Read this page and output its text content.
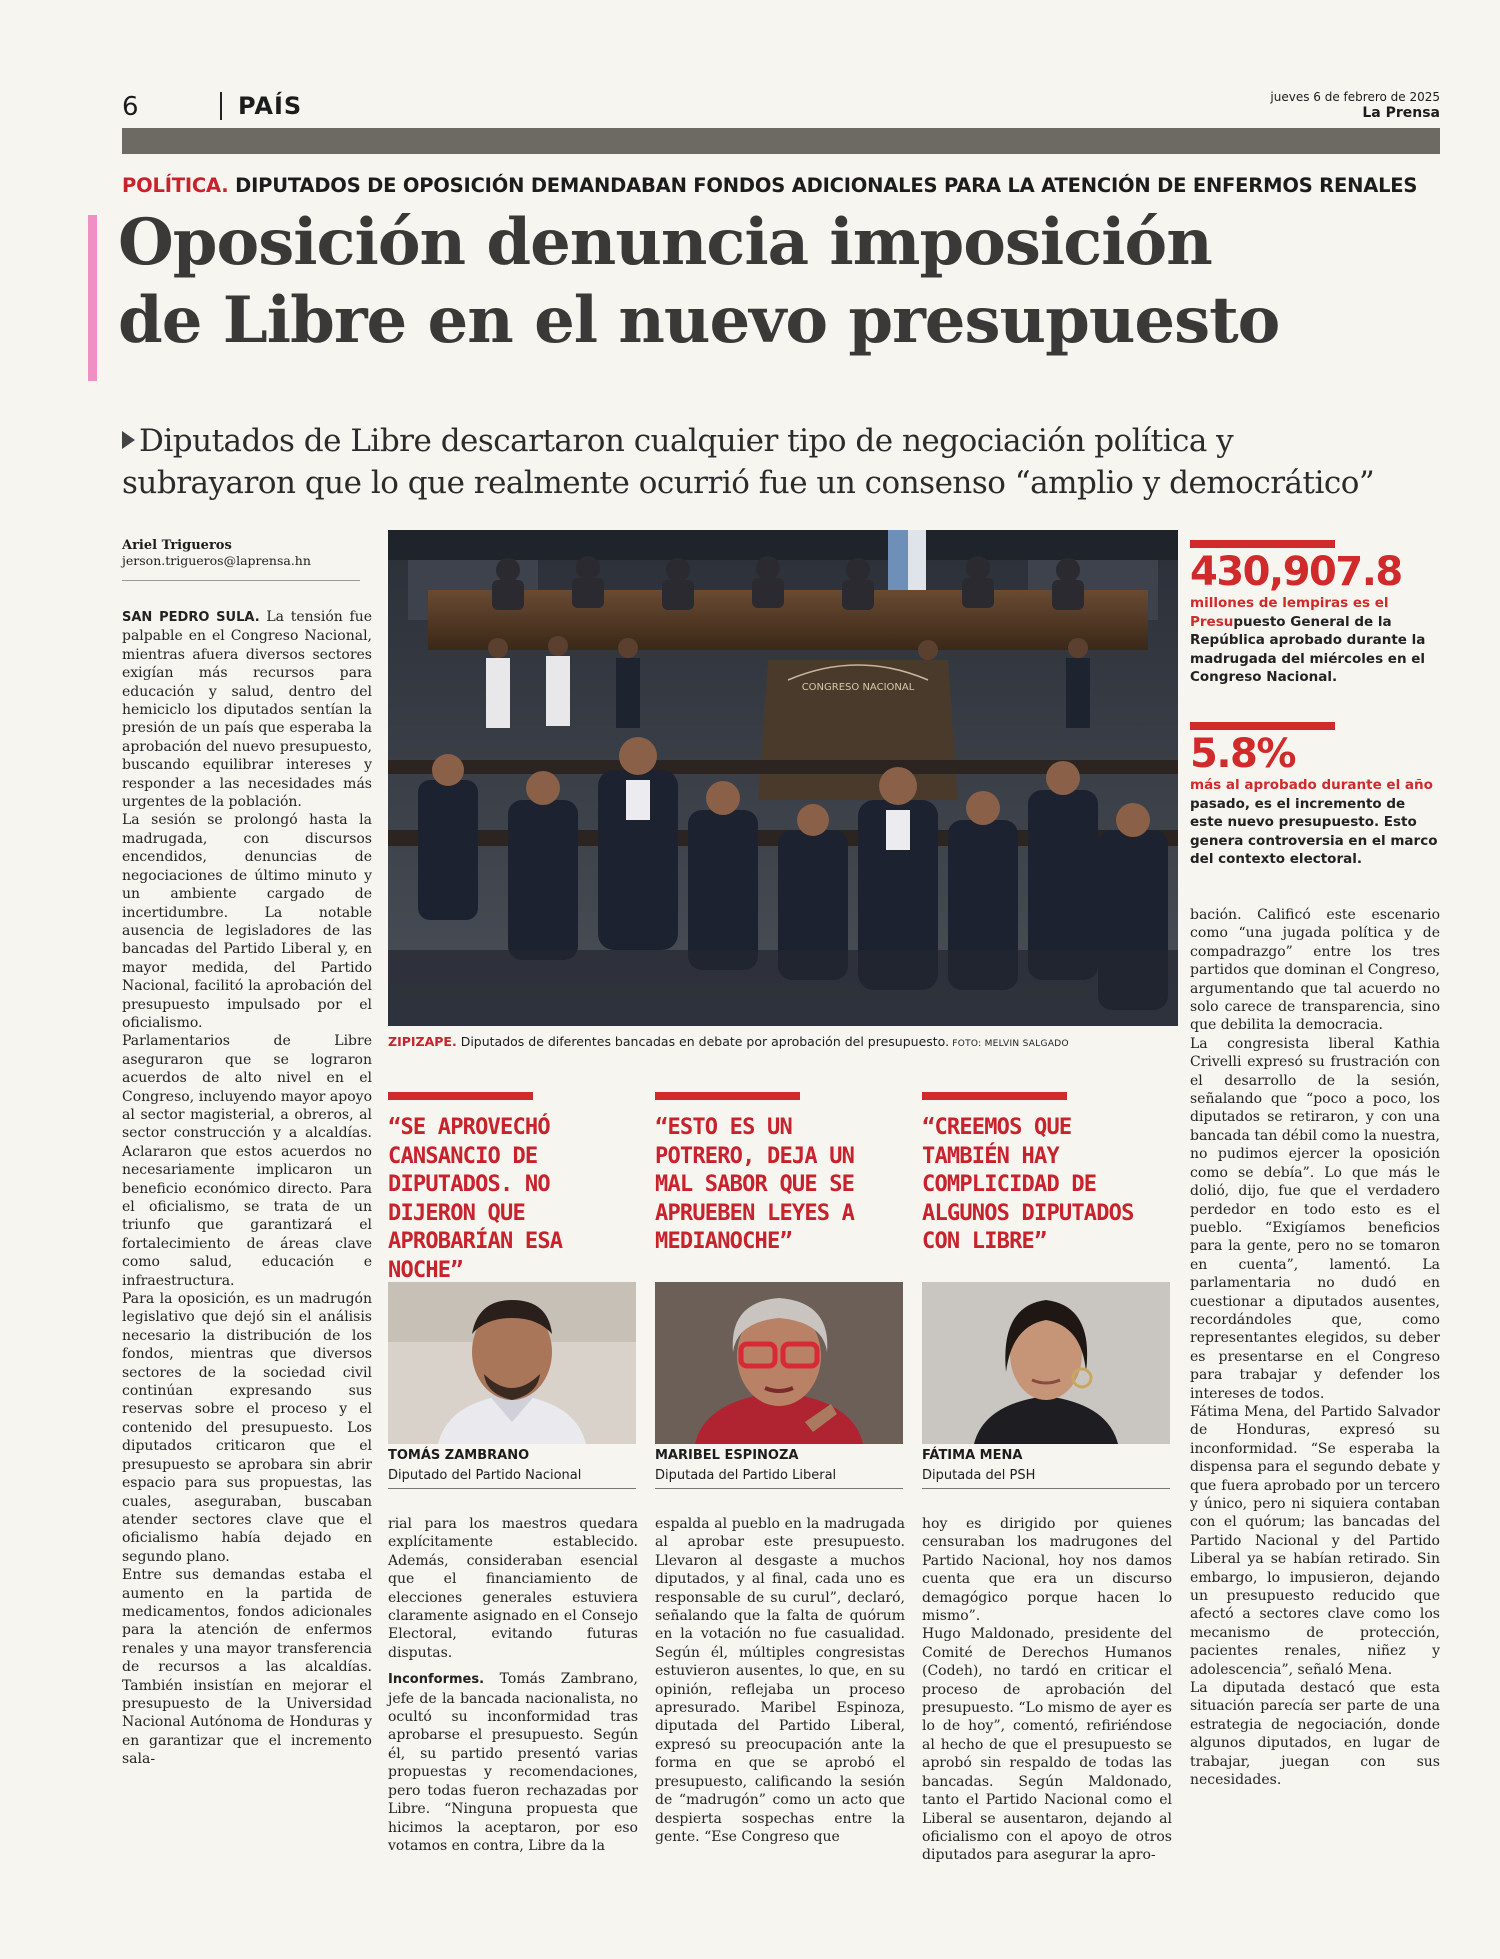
6	PAÍS	jueves 6 de febrero de 2025
La Prensa
POLÍTICA. DIPUTADOS DE OPOSICIÓN DEMANDABAN FONDOS ADICIONALES PARA LA ATENCIÓN DE ENFERMOS RENALES
Oposición denuncia imposición
de Libre en el nuevo presupuesto
Diputados de Libre descartaron cualquier tipo de negociación política y
subrayaron que lo que realmente ocurrió fue un consenso “amplio y democrático”
Ariel Trigueros
jerson.trigueros@laprensa.hn

SAN PEDRO SULA. La tensión fue palpable en el Congreso Nacional, mientras afuera diversos sectores exigían más recursos para educación y salud, dentro del hemiciclo los diputados sentían la presión de un país que esperaba la aprobación del nuevo presupuesto, buscando equilibrar intereses y responder a las necesidades más urgentes de la población.

La sesión se prolongó hasta la madrugada, con discursos encendidos, denuncias de negociaciones de último minuto y un ambiente cargado de incertidumbre. La notable ausencia de legisladores de las bancadas del Partido Liberal y, en mayor medida, del Partido Nacional, facilitó la aprobación del presupuesto impulsado por el oficialismo.

Parlamentarios de Libre aseguraron que se lograron acuerdos de alto nivel en el Congreso, incluyendo mayor apoyo al sector magisterial, a obreros, al sector construcción y a alcaldías. Aclararon que estos acuerdos no necesariamente implicaron un beneficio económico directo. Para el oficialismo, se trata de un triunfo que garantizará el fortalecimiento de áreas clave como salud, educación e infraestructura.

Para la oposición, es un madrugón legislativo que dejó sin el análisis necesario la distribución de los fondos, mientras que diversos sectores de la sociedad civil continúan expresando sus reservas sobre el proceso y el contenido del presupuesto. Los diputados criticaron que el presupuesto se aprobara sin abrir espacio para sus propuestas, las cuales, aseguraban, buscaban atender sectores clave que el oficialismo había dejado en segundo plano.

Entre sus demandas estaba el aumento en la partida de medicamentos, fondos adicionales para la atención de enfermos renales y una mayor transferencia de recursos a las alcaldías. También insistían en mejorar el presupuesto de la Universidad Nacional Autónoma de Honduras y en garantizar que el incremento sala-

CONGRESO NACIONAL
ZIPIZAPE. Diputados de diferentes bancadas en debate por aprobación del presupuesto. FOTO: MELVIN SALGADO
430,907.8
millones de lempiras es el Presupuesto General de la República aprobado durante la madrugada del miércoles en el Congreso Nacional.
5.8%
más al aprobado durante el año pasado, es el incremento de este nuevo presupuesto. Esto genera controversia en el marco del contexto electoral.

bación. Calificó este escenario como “una jugada política y de compadrazgo” entre los tres partidos que dominan el Congreso, argumentando que tal acuerdo no solo carece de transparencia, sino que debilita la democracia.

La congresista liberal Kathia Crivelli expresó su frustración con el desarrollo de la sesión, señalando que “poco a poco, los diputados se retiraron, y con una bancada tan débil como la nuestra, no pudimos ejercer la oposición como se debía”. Lo que más le dolió, dijo, fue que el verdadero perdedor en todo esto es el pueblo. “Exigíamos beneficios para la gente, pero no se tomaron en cuenta”, lamentó. La parlamentaria no dudó en cuestionar a diputados ausentes, recordándoles que, como representantes elegidos, su deber es presentarse en el Congreso para trabajar y defender los intereses de todos.

Fátima Mena, del Partido Salvador de Honduras, expresó su inconformidad. “Se esperaba la dispensa para el segundo debate y que fuera aprobado por un tercero y único, pero ni siquiera contaban con el quórum; las bancadas del Partido Nacional y del Partido Liberal ya se habían retirado. Sin embargo, lo impusieron, dejando un presupuesto reducido que afectó a sectores clave como los mecanismo de protección, pacientes renales, niñez y adolescencia”, señaló Mena.

La diputada destacó que esta situación parecía ser parte de una estrategia de negociación, donde algunos diputados, en lugar de trabajar, juegan con sus necesidades.

“SE APROVECHÓ CANSANCIO DE DIPUTADOS. NO DIJERON QUE APROBARÍAN ESA NOCHE”
“ESTO ES UN POTRERO, DEJA UN MAL SABOR QUE SE APRUEBEN LEYES A MEDIANOCHE”
“CREEMOS QUE TAMBIÉN HAY COMPLICIDAD DE ALGUNOS DIPUTADOS CON LIBRE”
TOMÁS ZAMBRANO
Diputado del Partido Nacional
MARIBEL ESPINOZA
Diputada del Partido Liberal
FÁTIMA MENA
Diputada del PSH

rial para los maestros quedara explícitamente establecido. Además, consideraban esencial que el financiamiento de elecciones generales estuviera claramente asignado en el Consejo Electoral, evitando futuras disputas.

Inconformes. Tomás Zambrano, jefe de la bancada nacionalista, no ocultó su inconformidad tras aprobarse el presupuesto. Según él, su partido presentó varias propuestas y recomendaciones, pero todas fueron rechazadas por Libre. “Ninguna propuesta que hicimos la aceptaron, por eso votamos en contra, Libre da la

espalda al pueblo en la madrugada al aprobar este presupuesto. Llevaron al desgaste a muchos diputados, y al final, cada uno es responsable de su curul”, declaró, señalando que la falta de quórum en la votación no fue casualidad. Según él, múltiples congresistas estuvieron ausentes, lo que, en su opinión, reflejaba un proceso apresurado. Maribel Espinoza, diputada del Partido Liberal, expresó su preocupación ante la forma en que se aprobó el presupuesto, calificando la sesión de “madrugón” como un acto que despierta sospechas entre la gente. “Ese Congreso que

hoy es dirigido por quienes censuraban los madrugones del Partido Nacional, hoy nos damos cuenta que era un discurso demagógico porque hacen lo mismo”.

Hugo Maldonado, presidente del Comité de Derechos Humanos (Codeh), no tardó en criticar el proceso de aprobación del presupuesto. “Lo mismo de ayer es lo de hoy”, comentó, refiriéndose al hecho de que el presupuesto se aprobó sin respaldo de todas las bancadas. Según Maldonado, tanto el Partido Nacional como el Liberal se ausentaron, dejando al oficialismo con el apoyo de otros diputados para asegurar la apro-
